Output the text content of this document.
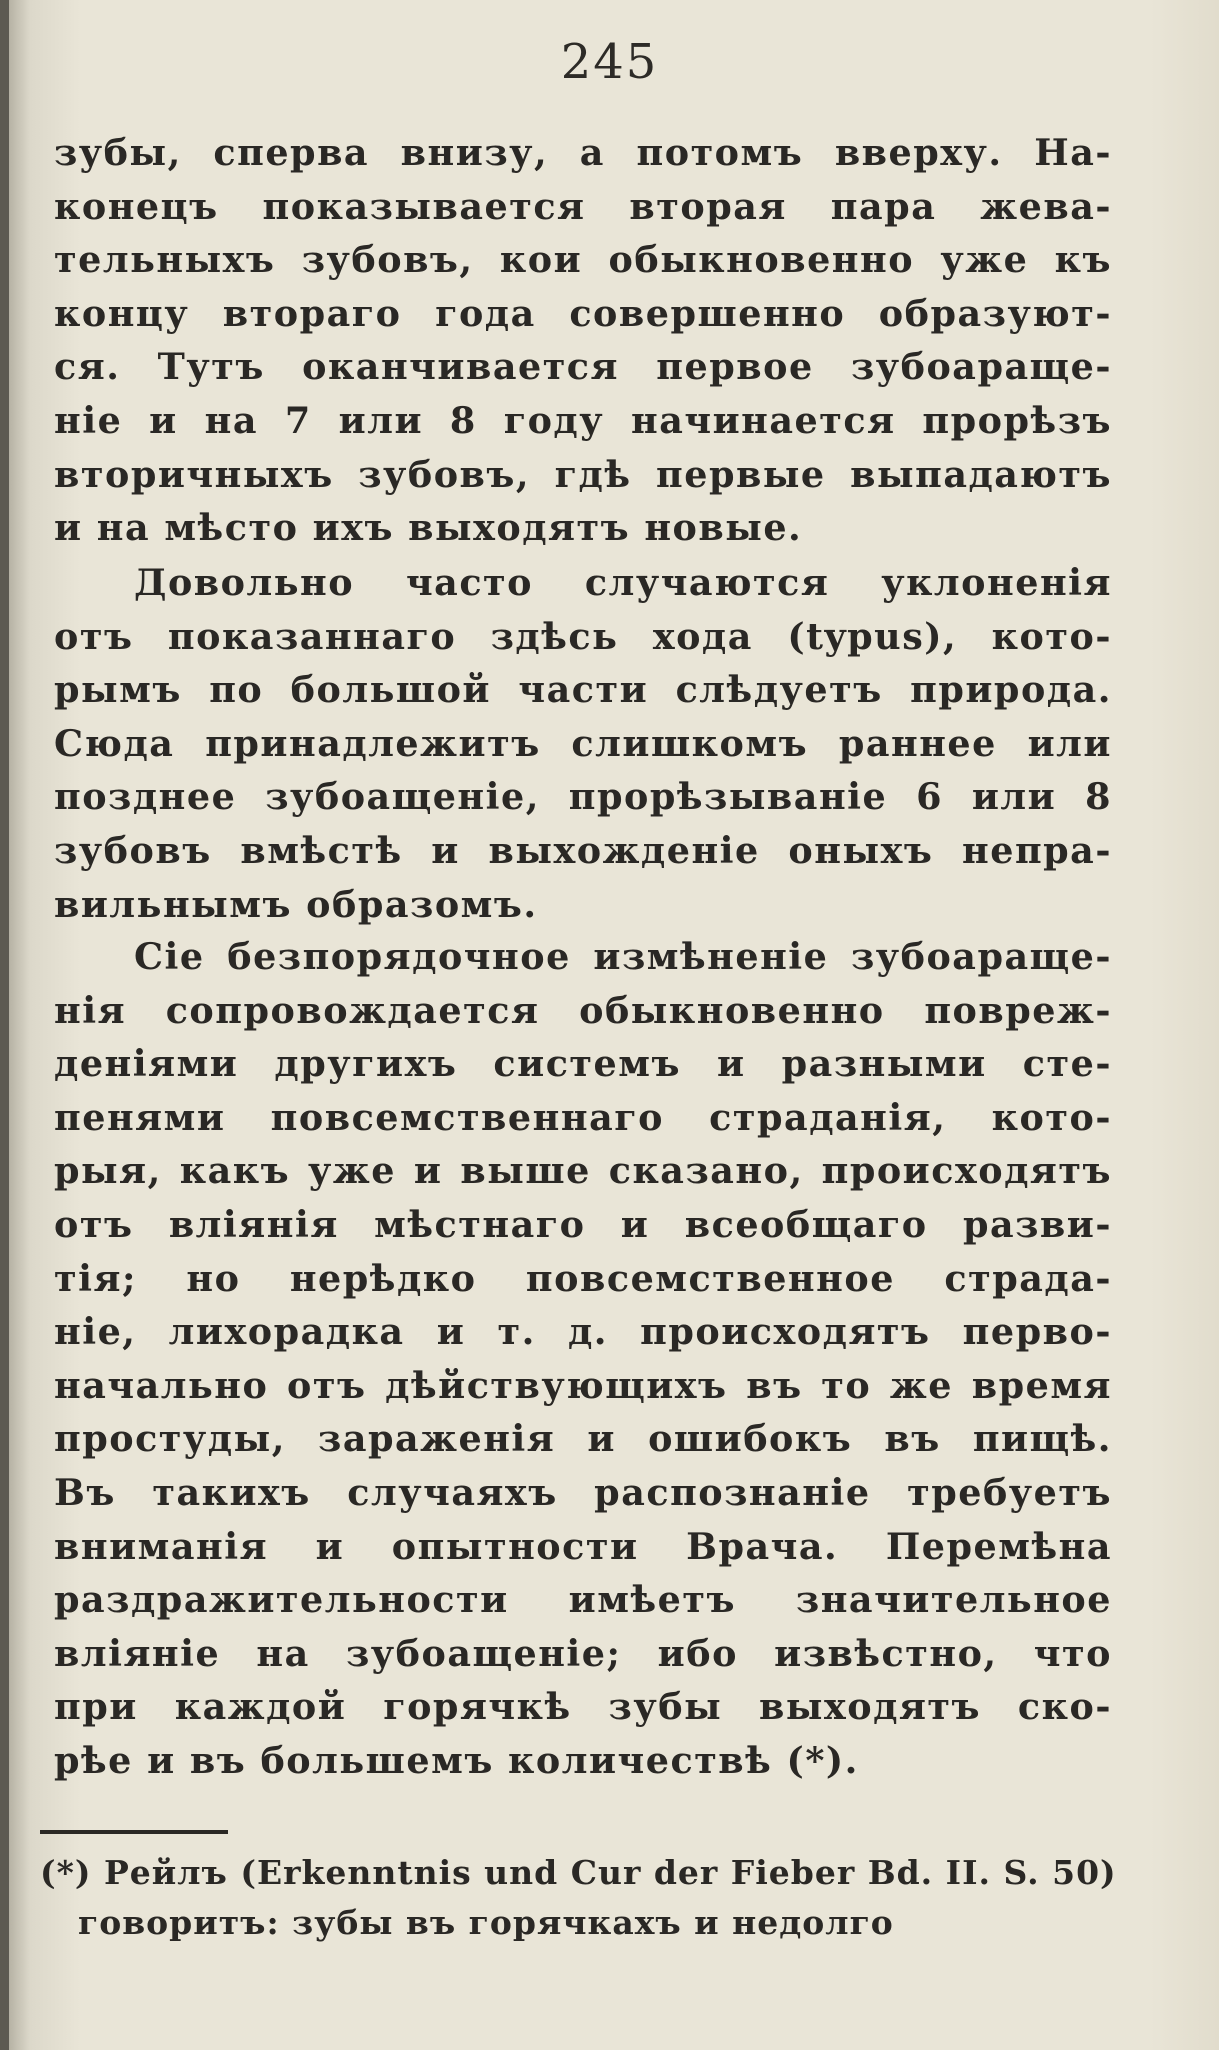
245
зубы, сперва внизу, а потомъ вверху. На-
конецъ показывается вторая пара жева-
тельныхъ зубовъ, кои обыкновенно уже къ
концу втораго года совершенно образуют-
ся. Тутъ оканчивается первое зубоаращe-
нiе и на 7 или 8 году начинается прорѣзъ
вторичныхъ зубовъ, гдѣ первые выпадаютъ
и на мѣсто ихъ выходятъ новые.
Довольно часто случаются уклоненiя
отъ показаннаго здѣсь хода (typus), кото-
рымъ по большой части слѣдуетъ природа.
Сюда принадлежитъ слишкомъ раннее или
позднее зубоащенiе, прорѣзыванiе 6 или 8
зубовъ вмѣстѣ и выхожденiе оныхъ непра-
вильнымъ образомъ.
Сiе безпорядочное измѣненiе зубоаращe-
нiя сопровождается обыкновенно повреж-
денiями другихъ системъ и разными сте-
пенями повсемственнаго страданiя, кото-
рыя, какъ уже и выше сказано, происходятъ
отъ влiянiя мѣстнаго и всеобщаго разви-
тiя; но нерѣдко повсемственное страда-
нiе, лихорадка и т. д. происходятъ перво-
начально отъ дѣйствующихъ въ то же время
простуды, зараженiя и ошибокъ въ пищѣ.
Въ такихъ случаяхъ распознанiе требуетъ
вниманiя и опытности Врача. Перемѣна
раздражительности имѣетъ значительное
влiянiе на зубоащенiе; ибо извѣстно, что
при каждой горячкѣ зубы выходятъ ско-
рѣе и въ большемъ количествѣ (*).
(*) Рейлъ (Erkenntnis und Cur der Fieber Bd. II. S. 50)
говоритъ: зубы въ горячкахъ и недолго
